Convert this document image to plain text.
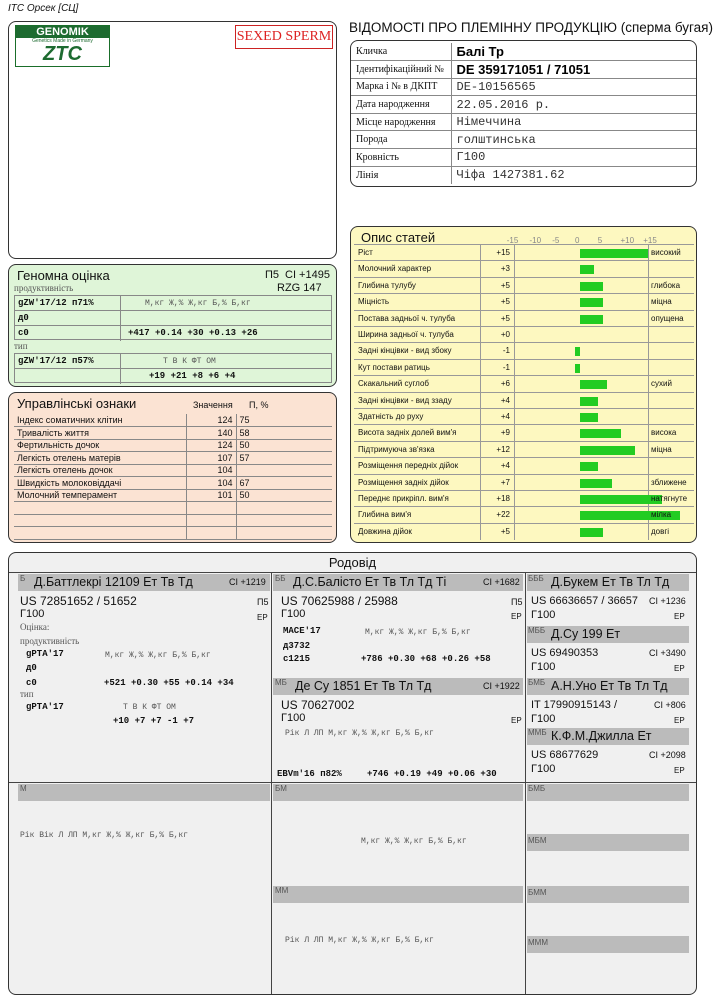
ITC Орсек [СЦ]
ВІДОМОСТІ ПРО ПЛЕМІННУ ПРОДУКЦІЮ (сперма бугая)
GENOMIK
Genetics Made in Germany
ZTC
SEXED SPERM
Кличка	Балі Тр
Ідентифікаційний №	DE 359171051 / 71051
Марка і № в ДКПТ	DE-10156565
Дата народження	22.05.2016 р.
Місце народження	Німеччина
Порода	голштинська
Кровність	Г100
Лінія	Чіфа 1427381.62
Геномна оцінка	П5 CI +1495
продуктивність	RZG 147
gZW'17/12 п71%	М,кг Ж,% Ж,кг Б,% Б,кг
д0
с0	+417 +0.14 +30 +0.13 +26
тип
gZW'17/12 п57%	Т В К ФТ ОМ
+19 +21 +8 +6 +4
Управлінські ознаки	Значення П, %
Індекс соматичних клітин	124	75
Тривалість життя	140	58
Фертильність дочок	124	50
Легкість отелень матерів	107	57
Легкість отелень дочок	104	
Швидкість молоковіддачі	104	67
Молочний темперамент	101	50

Опис статей	-15 -10 -5 0 5 +10 +15
Ріст	+15	високий
Молочний характер	+3
Глибина тулубу	+5	глибока
Міцність	+5	міцна
Постава задньої ч. тулуба	+5	опущена
Ширина задньої ч. тулуба	+0
Задні кінцівки - вид збоку	-1
Кут постави ратиць	-1
Скакальний суглоб	+6	сухий
Задні кінцівки - вид ззаду	+4
Здатність до руху	+4
Висота задніх долей вим'я	+9	висока
Підтримуюча зв'язка	+12	міцна
Розміщення передніх дійок	+4
Розміщення задніх дійок	+7	зближене
Переднє прикріпл. вим'я	+18	натягнуте
Глибина вим'я	+22	мілка
Довжина дійок	+5	довгі
Родовід
Б Д.Баттлекрі 12109 Ет Тв Тд	CI +1219
US 72851652 / 51652	П5
Г100	ЕР
Оцінка:
продуктивність
gPTA'17	М,кг Ж,% Ж,кг Б,% Б,кг
д0
с0	+521 +0.30 +55 +0.14 +34
тип
gPTA'17	Т В К ФТ ОМ
+10 +7 +7 -1 +7
ББ Д.С.Балісто Ет Тв Тл Тд Ті	CI +1682
US 70625988 / 25988	П5
Г100	ЕР
MACE'17	М,кг Ж,% Ж,кг Б,% Б,кг
д3732
с1215	+786 +0.30 +68 +0.26 +58
БББ Д.Букем Ет Тв Тл Тд
US 66636657 / 36657 CI +1236
Г100	ЕР
МББ Д.Су 199 Ет
US 69490353	CI +3490
Г100	ЕР
МБ Де Су 1851 Ет Тв Тл Тд	CI +1922
US 70627002
Г100	ЕР
Рік Л ЛП М,кг Ж,% Ж,кг Б,% Б,кг
EBVm'16 п82%	+746 +0.19 +49 +0.06 +30
БМБ А.Н.Уно Ет Тв Тл Тд
IT 17990915143 /	CI +806
Г100	ЕР
ММБ К.Ф.М.Джилла Ет
US 68677629	CI +2098
Г100	ЕР
М
Рік Вік Л ЛП М,кг Ж,% Ж,кг Б,% Б,кг
БМ
М,кг Ж,% Ж,кг Б,% Б,кг
БМБ
МБМ
ММ
Рік Л ЛП М,кг Ж,% Ж,кг Б,% Б,кг
БММ
МММ
